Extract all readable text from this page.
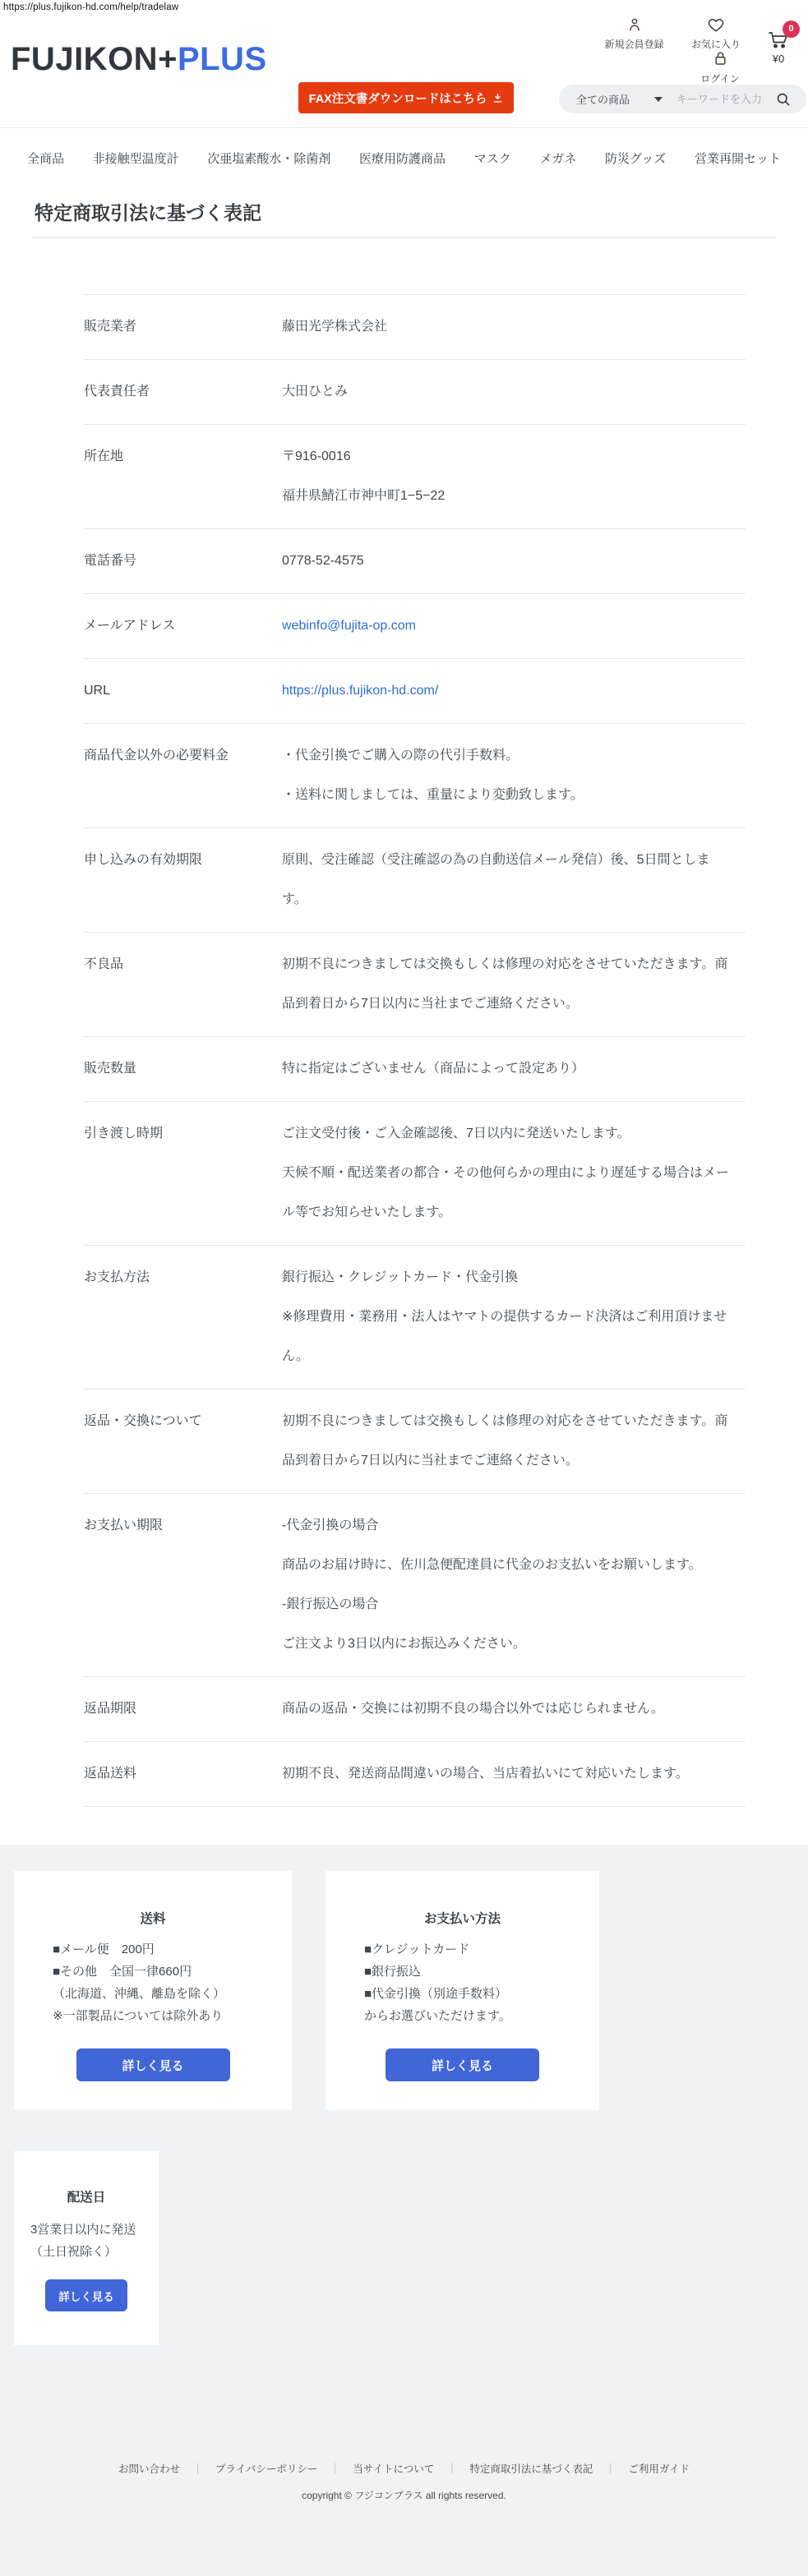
https://plus.fujikon-hd.com/help/tradelaw
FUJIKON+PLUS	新規会員登録	お気に入り
0
¥0
ログイン
FAX注文書ダウンロードはこちら	全ての商品
キーワードを入力
全商品 非接触型温度計 次亜塩素酸水・除菌剤 医療用防護商品 マスク メガネ 防災グッズ 営業再開セット
特定商取引法に基づく表記
販売業者	藤田光学株式会社

代表責任者	大田ひとみ

所在地	〒916-0016

福井県鯖江市神中町1−5−22

電話番号	0778-52-4575

メールアドレス	webinfo@fujita-op.com

URL	https://plus.fujikon-hd.com/

商品代金以外の必要料金	・代金引換でご購入の際の代引手数料。

・送料に関しましては、重量により変動致します。

申し込みの有効期限	原則、受注確認（受注確認の為の自動送信メール発信）後、5日間とします。

不良品	初期不良につきましては交換もしくは修理の対応をさせていただきます。商品到着日から7日以内に当社までご連絡ください。

販売数量	特に指定はございません（商品によって設定あり）

引き渡し時期	ご注文受付後・ご入金確認後、7日以内に発送いたします。

天候不順・配送業者の都合・その他何らかの理由により遅延する場合はメール等でお知らせいたします。

お支払方法	銀行振込・クレジットカード・代金引換

※修理費用・業務用・法人はヤマトの提供するカード決済はご利用頂けません。

返品・交換について	初期不良につきましては交換もしくは修理の対応をさせていただきます。商品到着日から7日以内に当社までご連絡ください。

お支払い期限	-代金引換の場合

商品のお届け時に、佐川急便配達員に代金のお支払いをお願いします。

-銀行振込の場合

ご注文より3日以内にお振込みください。

返品期限	商品の返品・交換には初期不良の場合以外では応じられません。

返品送料	初期不良、発送商品間違いの場合、当店着払いにて対応いたします。

送料
■メール便　200円
■その他　全国一律660円
（北海道、沖縄、離島を除く）
※一部製品については除外あり
詳しく見る
お支払い方法
■クレジットカード
■銀行振込
■代金引換（別途手数料）
からお選びいただけます。
詳しく見る
配送日
3営業日以内に発送
（土日祝除く）
詳しく見る
お問い合わせ ｜ プライバシーポリシー ｜ 当サイトについて ｜ 特定商取引法に基づく表記 ｜ ご利用ガイド
copyright © フジコンプラス all rights reserved.
